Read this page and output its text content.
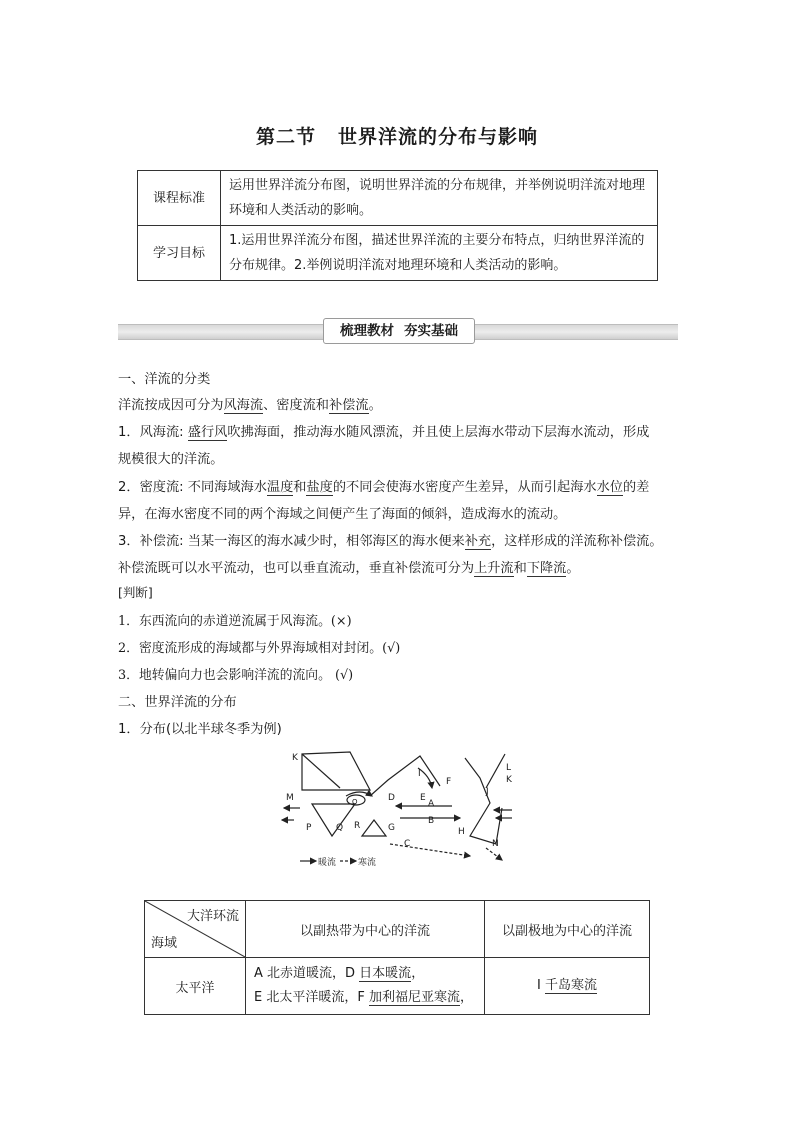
第二节 世界洋流的分布与影响
课程标准	运用世界洋流分布图，说明世界洋流的分布规律，并举例说明洋流对地理环境和人类活动的影响。
学习目标	1.运用世界洋流分布图，描述世界洋流的主要分布特点，归纳世界洋流的分布规律。2.举例说明洋流对地理环境和人类活动的影响。
梳理教材 夯实基础
一、洋流的分类
洋流按成因可分为风海流、密度流和补偿流。
1．风海流: 盛行风吹拂海面，推动海水随风漂流，并且使上层海水带动下层海水流动，形成
规模很大的洋流。
2．密度流: 不同海域海水温度和盐度的不同会使海水密度产生差异，从而引起海水水位的差
异，在海水密度不同的两个海域之间便产生了海面的倾斜，造成海水的流动。
3．补偿流: 当某一海区的海水减少时，相邻海区的海水便来补充，这样形成的洋流称补偿流。
补偿流既可以水平流动，也可以垂直流动，垂直补偿流可分为上升流和下降流。
[判断]
1．东西流向的赤道逆流属于风海流。(×)
2．密度流形成的海域都与外界海域相对封闭。(√)
3．地转偏向力也会影响洋流的流向。 (√)
二、世界洋流的分布
1．分布(以北半球冬季为例)
K
M
P	Q
O
R	G
D	E
A
B
C
I
F
L
K
J
H
N
暖流 寒流
大洋环流
海域	以副热带为中心的洋流	以副极地为中心的洋流
太平洋	A 北赤道暖流，D 日本暖流，
E 北太平洋暖流，F 加利福尼亚寒流，	I 千岛寒流
